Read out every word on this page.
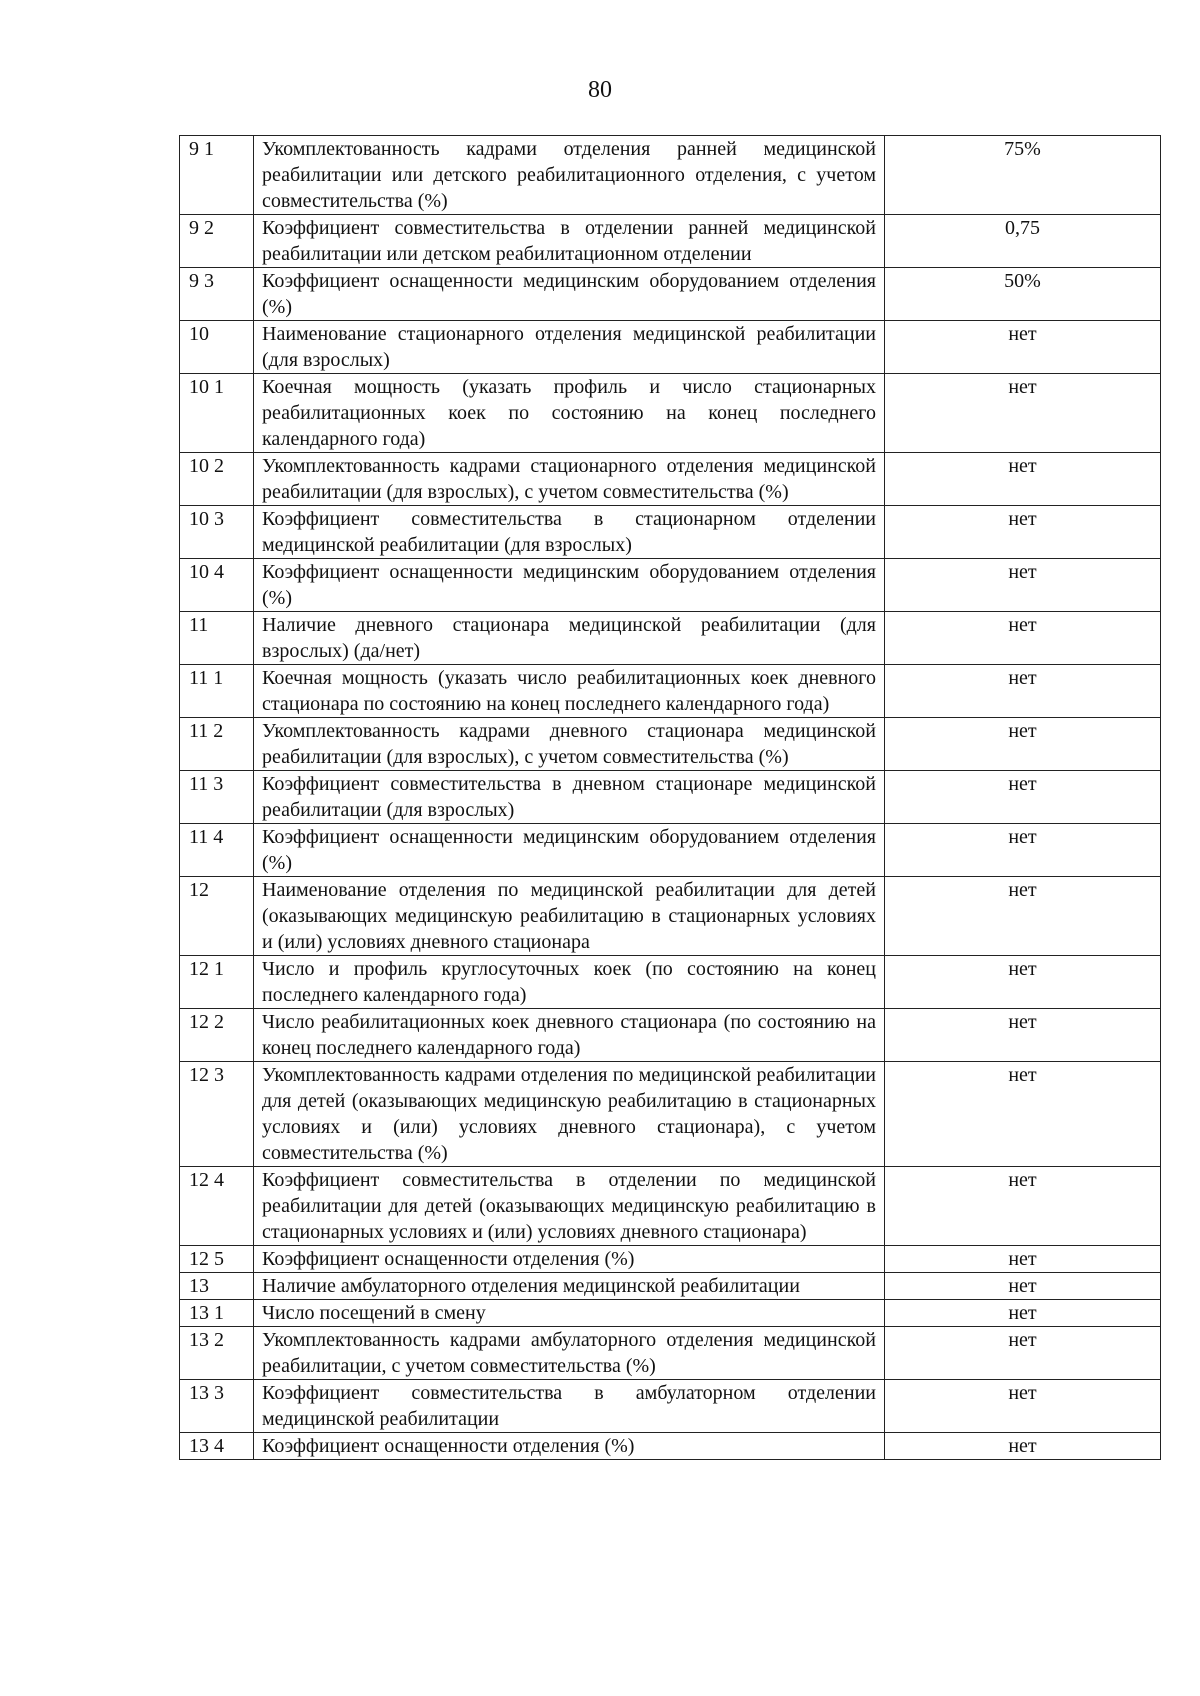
80
9 1	Укомплектованность кадрами отделения ранней медицинской реабилитации или детского реабилитационного отделения, с учетом совместительства (%)	75%
9 2	Коэффициент совместительства в отделении ранней медицинской реабилитации или детском реабилитационном отделении	0,75
9 3	Коэффициент оснащенности медицинским оборудованием отделения (%)	50%
10	Наименование стационарного отделения медицинской реабилитации (для взрослых)	нет
10 1	Коечная мощность (указать профиль и число стационарных реабилитационных коек по состоянию на конец последнего календарного года)	нет
10 2	Укомплектованность кадрами стационарного отделения медицинской реабилитации (для взрослых), с учетом совместительства (%)	нет
10 3	Коэффициент совместительства в стационарном отделении медицинской реабилитации (для взрослых)	нет
10 4	Коэффициент оснащенности медицинским оборудованием отделения (%)	нет
11	Наличие дневного стационара медицинской реабилитации (для взрослых) (да/нет)	нет
11 1	Коечная мощность (указать число реабилитационных коек дневного стационара по состоянию на конец последнего календарного года)	нет
11 2	Укомплектованность кадрами дневного стационара медицинской реабилитации (для взрослых), с учетом совместительства (%)	нет
11 3	Коэффициент совместительства в дневном стационаре медицинской реабилитации (для взрослых)	нет
11 4	Коэффициент оснащенности медицинским оборудованием отделения (%)	нет
12	Наименование отделения по медицинской реабилитации для детей (оказывающих медицинскую реабилитацию в стационарных условиях и (или) условиях дневного стационара	нет
12 1	Число и профиль круглосуточных коек (по состоянию на конец последнего календарного года)	нет
12 2	Число реабилитационных коек дневного стационара (по состоянию на конец последнего календарного года)	нет
12 3	Укомплектованность кадрами отделения по медицинской реабилитации для детей (оказывающих медицинскую реабилитацию в стационарных условиях и (или) условиях дневного стационара), с учетом совместительства (%)	нет
12 4	Коэффициент совместительства в отделении по медицинской реабилитации для детей (оказывающих медицинскую реабилитацию в стационарных условиях и (или) условиях дневного стационара)	нет
12 5	Коэффициент оснащенности отделения (%)	нет
13	Наличие амбулаторного отделения медицинской реабилитации	нет
13 1	Число посещений в смену	нет
13 2	Укомплектованность кадрами амбулаторного отделения медицинской реабилитации, с учетом совместительства (%)	нет
13 3	Коэффициент совместительства в амбулаторном отделении медицинской реабилитации	нет
13 4	Коэффициент оснащенности отделения (%)	нет
